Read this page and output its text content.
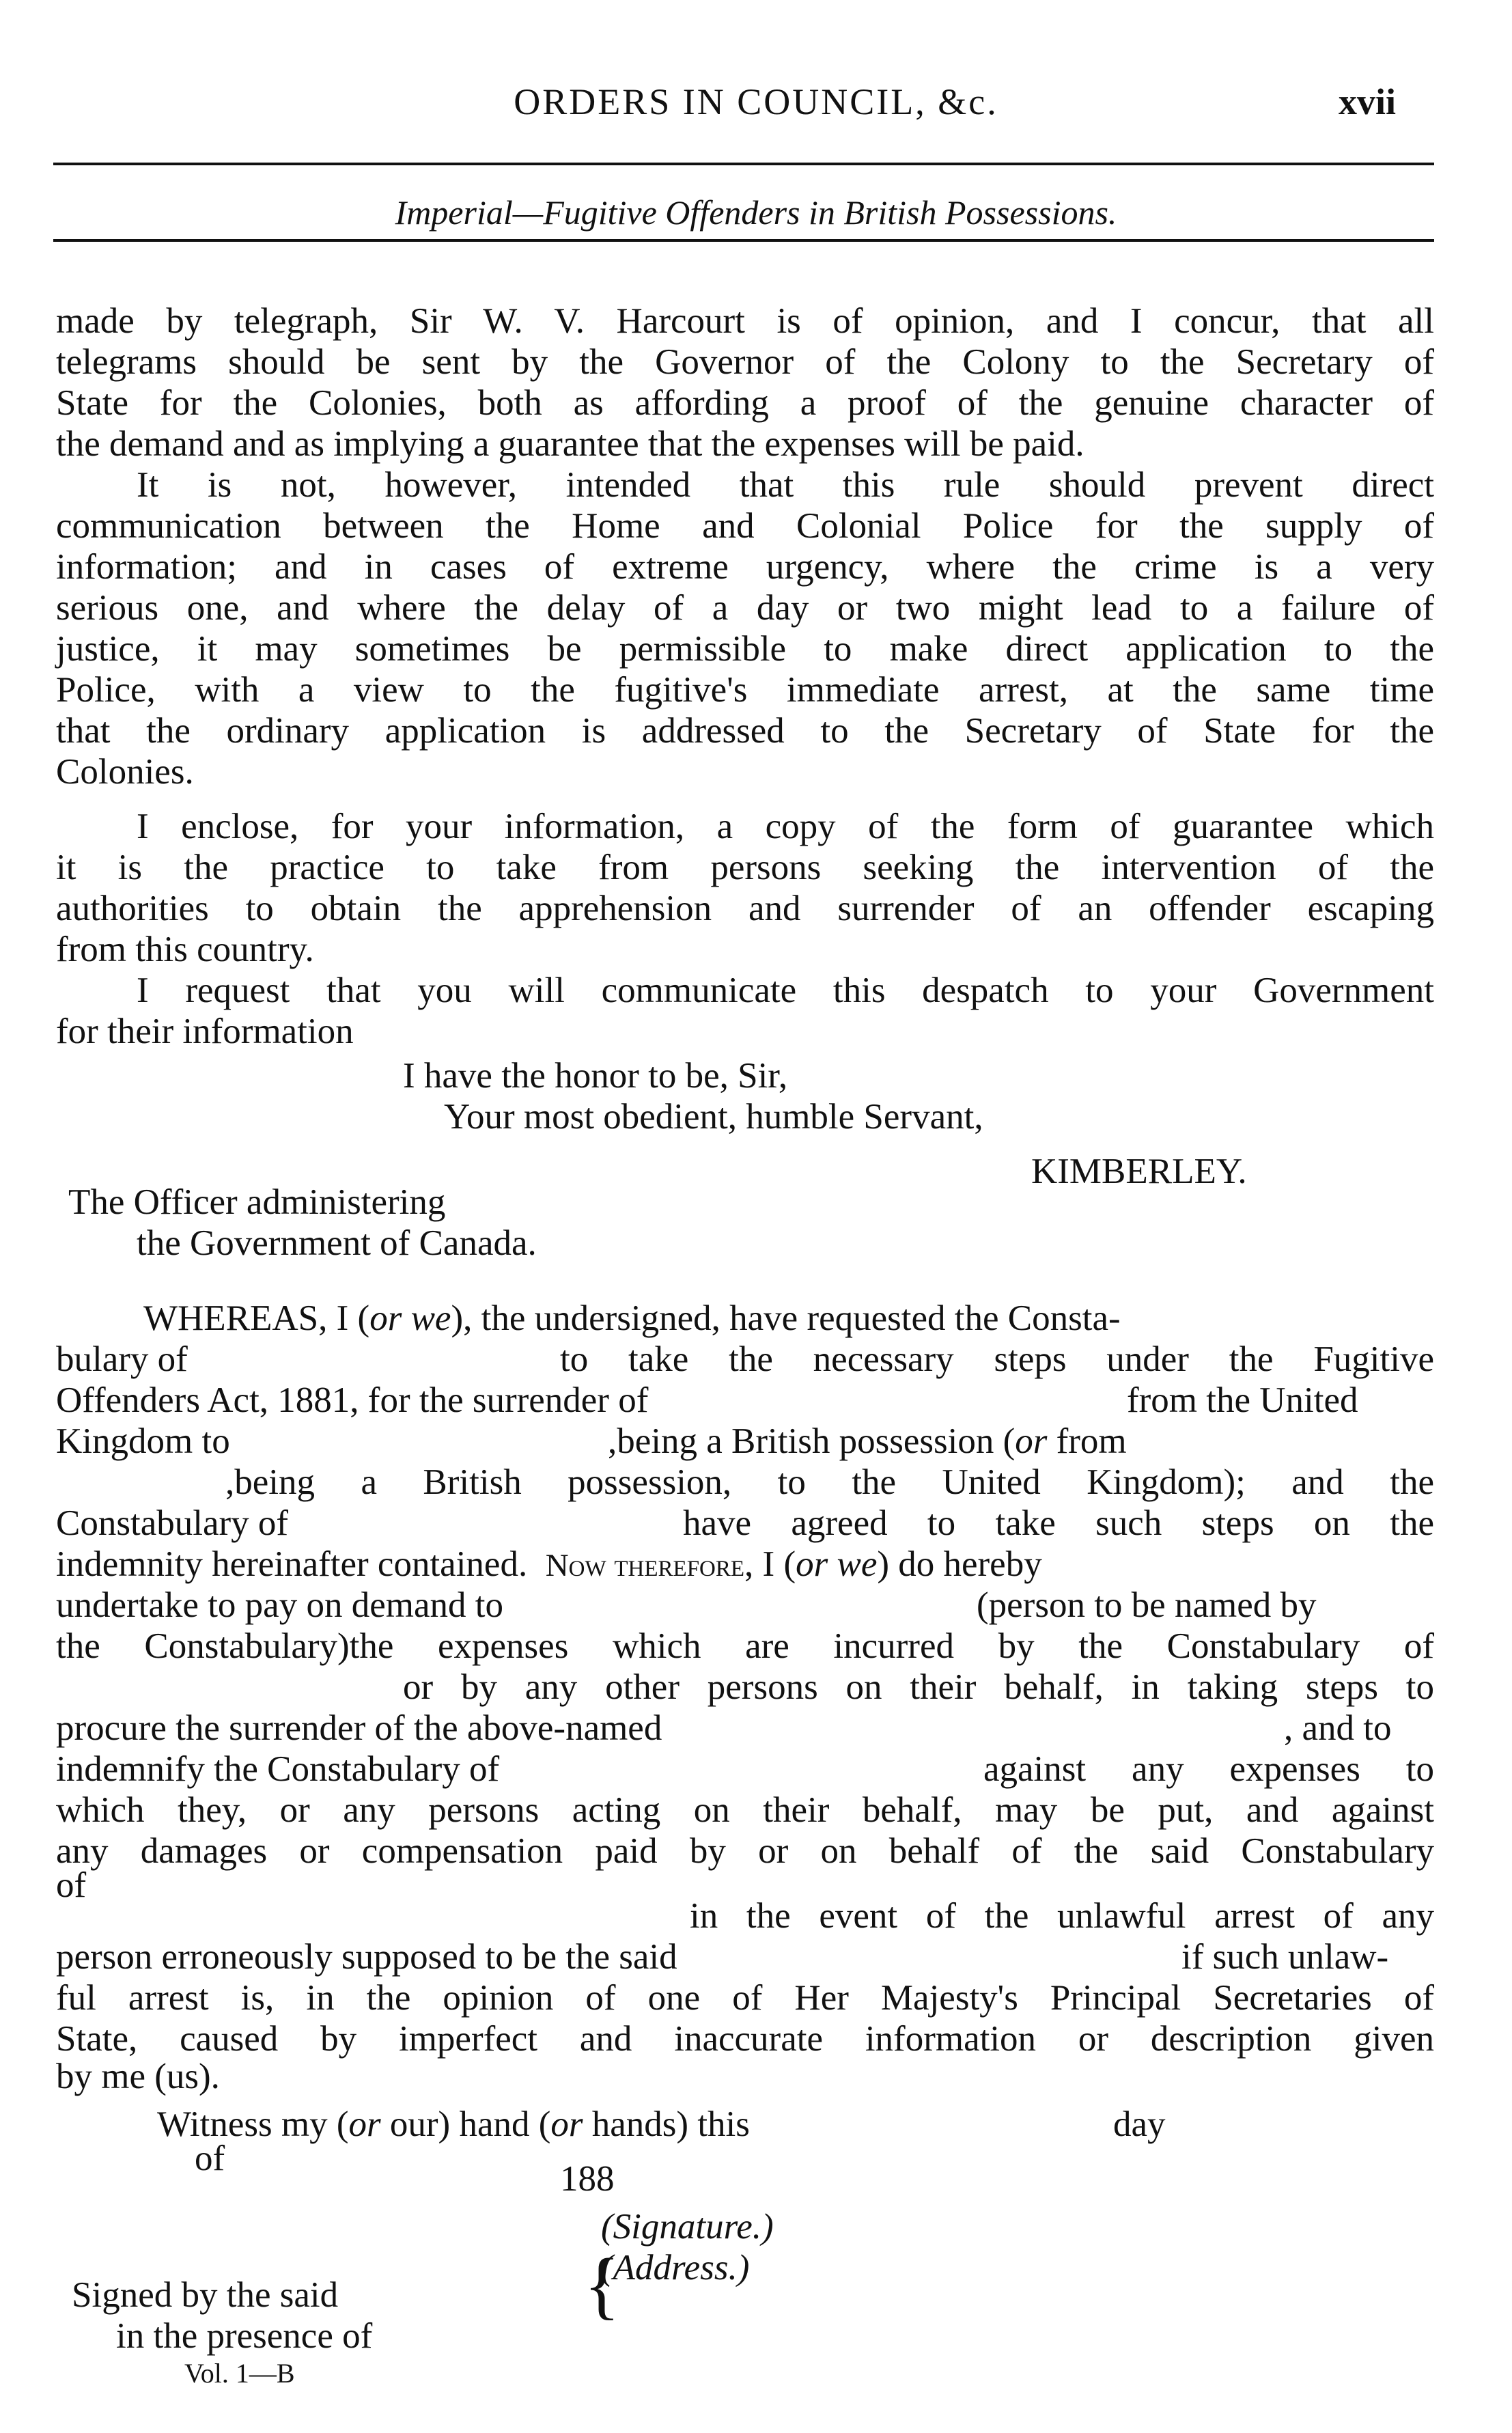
ORDERS IN COUNCIL, &c.	xvii
Imperial—Fugitive Offenders in British Possessions.
made by telegraph, Sir W. V. Harcourt is of opinion, and I concur, that all
telegrams should be sent by the Governor of the Colony to the Secretary of
State for the Colonies, both as affording a proof of the genuine character of
the demand and as implying a guarantee that the expenses will be paid.
It is not, however, intended that this rule should prevent direct
communication between the Home and Colonial Police for the supply of
information; and in cases of extreme urgency, where the crime is a very
serious one, and where the delay of a day or two might lead to a failure of
justice, it may sometimes be permissible to make direct application to the
Police, with a view to the fugitive's immediate arrest, at the same time
that the ordinary application is addressed to the Secretary of State for the
Colonies.
I enclose, for your information, a copy of the form of guarantee which
it is the practice to take from persons seeking the intervention of the
authorities to obtain the apprehension and surrender of an offender escaping
from this country.
I request that you will communicate this despatch to your Government
for their information
I have the honor to be, Sir,
Your most obedient, humble Servant,
KIMBERLEY.
The Officer administering
the Government of Canada.
WHEREAS, I (or we), the undersigned, have requested the Consta-
bulary of	to take the necessary steps under the Fugitive
Offenders Act, 1881, for the surrender of	from the United
Kingdom to	,being a British possession (or from
,being a British possession, to the United Kingdom); and the
Constabulary of	have agreed to take such steps on the
indemnity hereinafter contained. Now therefore, I (or we) do hereby
undertake to pay on demand to	(person to be named by
the Constabulary)the expenses which are incurred by the Constabulary of
or by any other persons on their behalf, in taking steps to
procure the surrender of the above-named	, and to
indemnify the Constabulary of	against any expenses to
which they, or any persons acting on their behalf, may be put, and against
any damages or compensation paid by or on behalf of the said Constabulary
of
in the event of the unlawful arrest of any
person erroneously supposed to be the said	if such unlaw-
ful arrest is, in the opinion of one of Her Majesty's Principal Secretaries of
State, caused by imperfect and inaccurate information or description given
by me (us).
Witness my (or our) hand (or hands) this	day
of
188
(Signature.)
(Address.)
Signed by the said
in the presence of
{
Vol. 1—B
